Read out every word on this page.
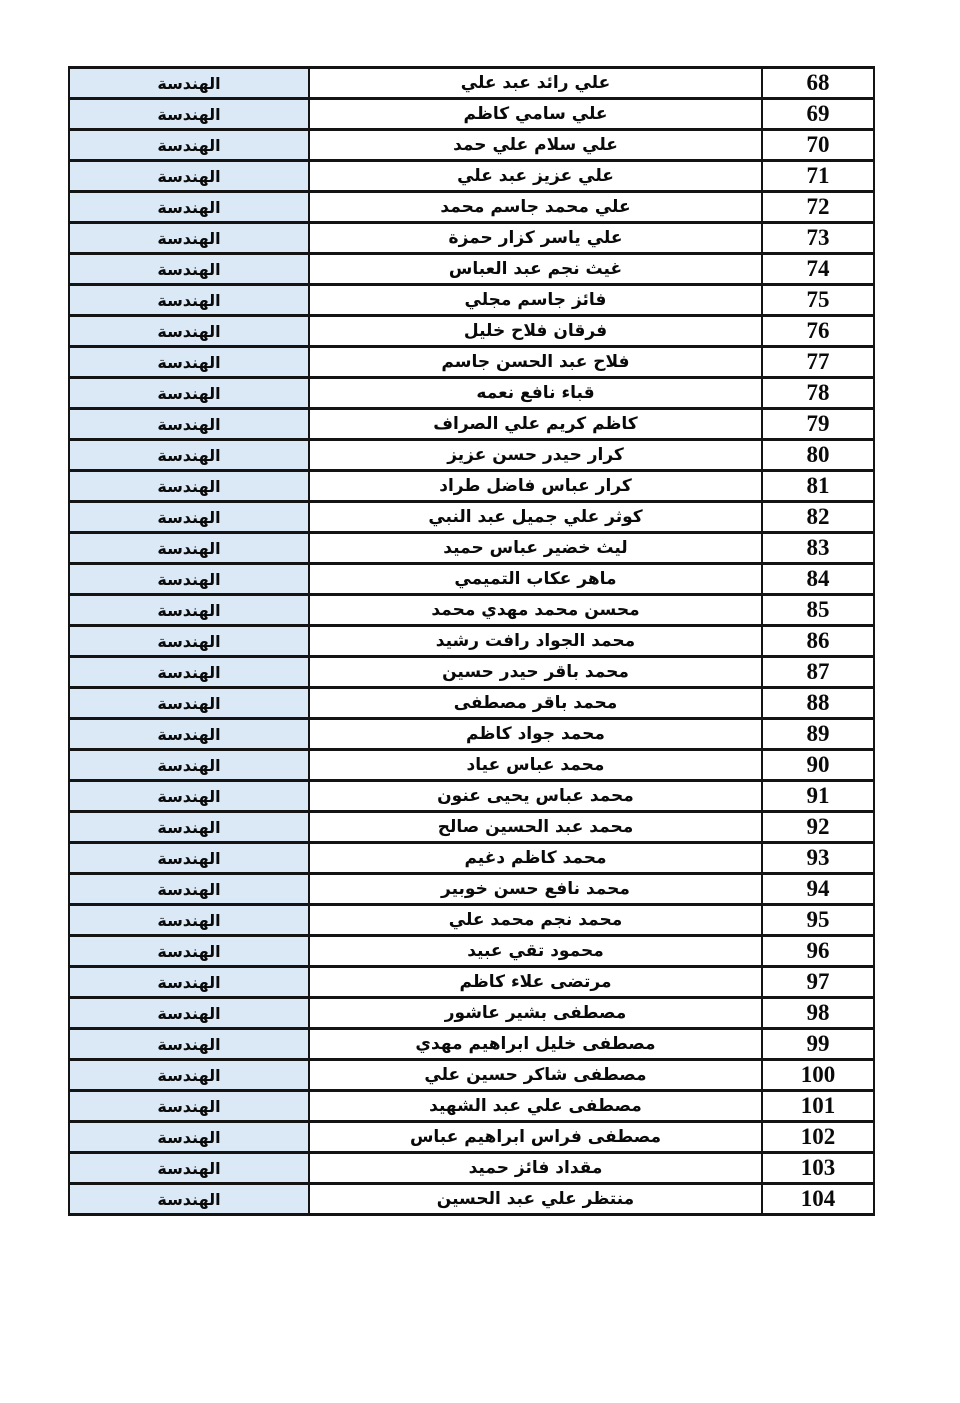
68	علي رائد عبد علي	الهندسة
69	علي سامي كاظم	الهندسة
70	علي سلام علي حمد	الهندسة
71	علي عزيز عبد علي	الهندسة
72	علي محمد جاسم محمد	الهندسة
73	علي ياسر كزار حمزة	الهندسة
74	غيث نجم عبد العباس	الهندسة
75	فائز جاسم مجلي	الهندسة
76	فرقان فلاح خليل	الهندسة
77	فلاح عبد الحسن جاسم	الهندسة
78	قباء نافع نعمه	الهندسة
79	كاظم كريم علي الصراف	الهندسة
80	كرار حيدر حسن عزيز	الهندسة
81	كرار عباس فاضل طراد	الهندسة
82	كوثر علي جميل عبد النبي	الهندسة
83	ليث خضير عباس حميد	الهندسة
84	ماهر عكاب التميمي	الهندسة
85	محسن محمد مهدي محمد	الهندسة
86	محمد الجواد رافت رشيد	الهندسة
87	محمد باقر حيدر حسين	الهندسة
88	محمد باقر مصطفى	الهندسة
89	محمد جواد كاظم	الهندسة
90	محمد عباس عياد	الهندسة
91	محمد عباس يحيى عنون	الهندسة
92	محمد عبد الحسين صالح	الهندسة
93	محمد كاظم دغيم	الهندسة
94	محمد نافع حسن خوبير	الهندسة
95	محمد نجم محمد علي	الهندسة
96	محمود تقي عبيد	الهندسة
97	مرتضى علاء كاظم	الهندسة
98	مصطفى بشير عاشور	الهندسة
99	مصطفى خليل ابراهيم مهدي	الهندسة
100	مصطفى شاكر حسين علي	الهندسة
101	مصطفى علي عبد الشهيد	الهندسة
102	مصطفى فراس ابراهيم عباس	الهندسة
103	مقداد فائز حميد	الهندسة
104	منتظر علي عبد الحسين	الهندسة
